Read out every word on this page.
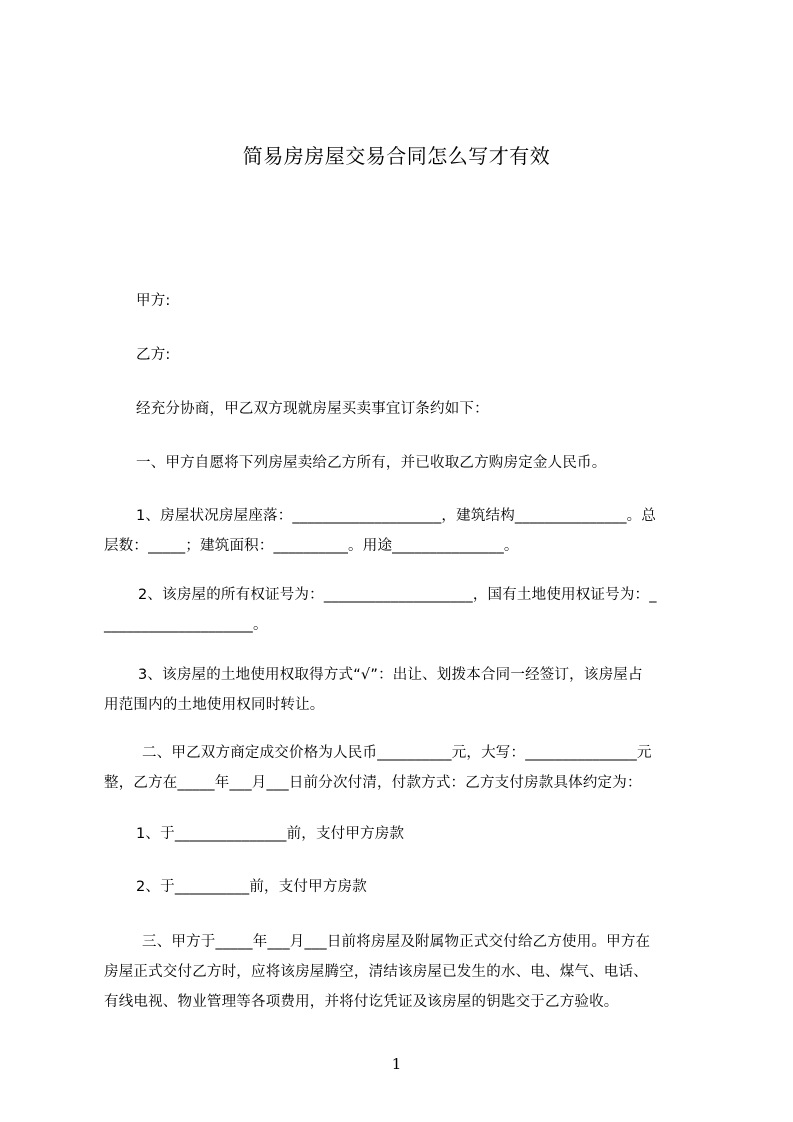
简易房房屋交易合同怎么写才有效
甲方:
乙方:
经充分协商，甲乙双方现就房屋买卖事宜订条约如下：
一、甲方自愿将下列房屋卖给乙方所有，并已收取乙方购房定金人民币。
1、房屋状况房屋座落：____________________，建筑结构_______________。总
层数：_____；建筑面积：__________。用途_______________。
2、该房屋的所有权证号为：____________________，国有土地使用权证号为：_
____________________。
3、该房屋的土地使用权取得方式“√”：出让、划拨本合同一经签订，该房屋占
用范围内的土地使用权同时转让。
二、甲乙双方商定成交价格为人民币__________元，大写：_______________元
整，乙方在_____年___月___日前分次付清，付款方式：乙方支付房款具体约定为：
1、于_______________前，支付甲方房款
2、于__________前，支付甲方房款
三、甲方于_____年___月___日前将房屋及附属物正式交付给乙方使用。甲方在
房屋正式交付乙方时，应将该房屋腾空，清结该房屋已发生的水、电、煤气、电话、
有线电视、物业管理等各项费用，并将付讫凭证及该房屋的钥匙交于乙方验收。
1
